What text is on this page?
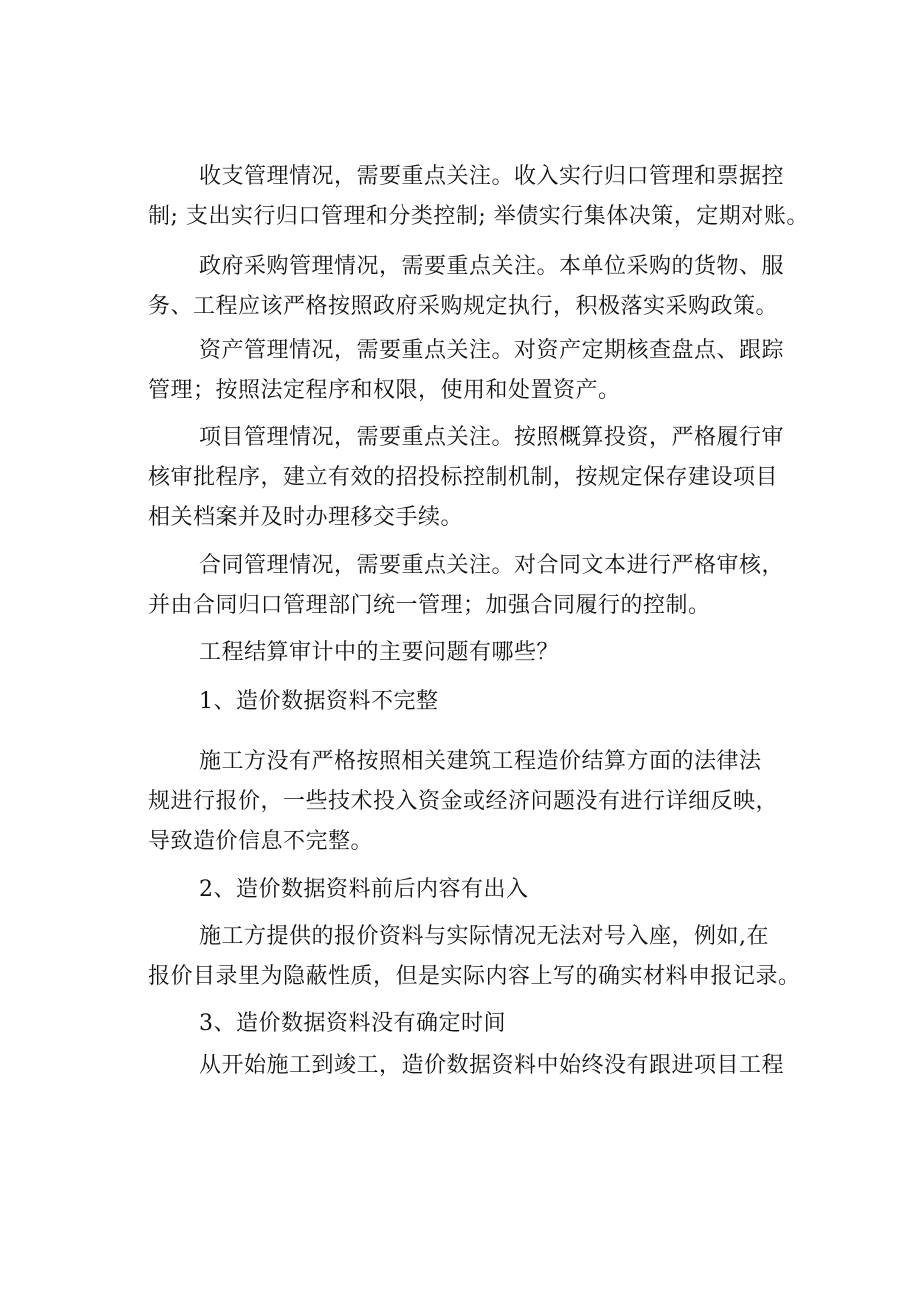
收支管理情况，需要重点关注。收入实行归口管理和票据控
制; 支出实行归口管理和分类控制; 举债实行集体决策，定期对账。
政府采购管理情况，需要重点关注。本单位采购的货物、服
务、工程应该严格按照政府采购规定执行，积极落实采购政策。
资产管理情况，需要重点关注。对资产定期核查盘点、跟踪
管理；按照法定程序和权限，使用和处置资产。
项目管理情况，需要重点关注。按照概算投资，严格履行审
核审批程序，建立有效的招投标控制机制，按规定保存建设项目
相关档案并及时办理移交手续。
合同管理情况，需要重点关注。对合同文本进行严格审核，
并由合同归口管理部门统一管理；加强合同履行的控制。
工程结算审计中的主要问题有哪些？
1、造价数据资料不完整
施工方没有严格按照相关建筑工程造价结算方面的法律法
规进行报价，一些技术投入资金或经济问题没有进行详细反映，
导致造价信息不完整。
2、造价数据资料前后内容有出入
施工方提供的报价资料与实际情况无法对号入座，例如,在
报价目录里为隐蔽性质，但是实际内容上写的确实材料申报记录。
3、造价数据资料没有确定时间
从开始施工到竣工，造价数据资料中始终没有跟进项目工程
